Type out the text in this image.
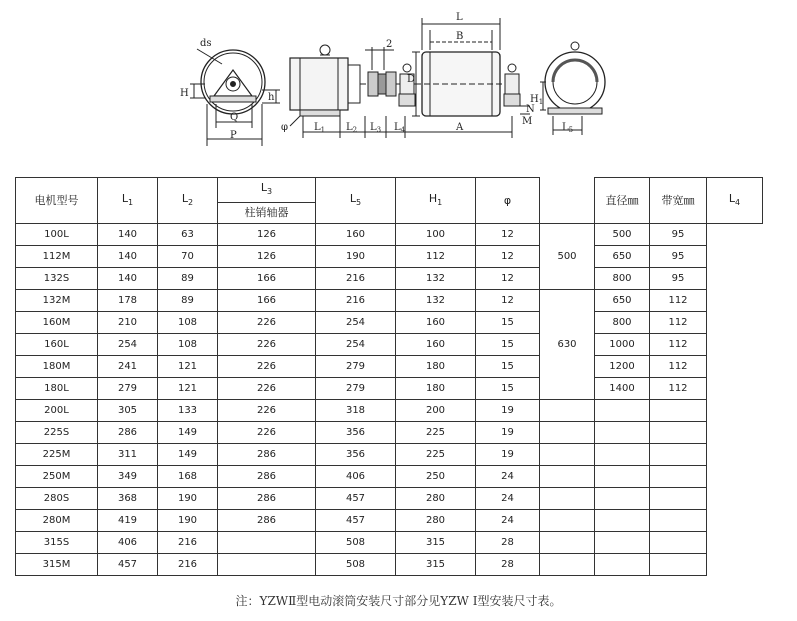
ds
H
Q
P
h
φ	$L_1$ $L_2$ $L_3$ $L_4$
2
L
B
D
A
M
N
$H_1$
$L_5$
电机型号	$L_1$	$L_2$	$L_3$	$L_5$	$H_1$	φ		直径㎜	带宽㎜	$L_4$
			柱销轴器							
100L	140	63	126	160	100	12	500	500	95	
112M	140	70	126	190	112	12		650	95	
132S	140	89	166	216	132	12		800	95	
132M	178	89	166	216	132	12	630	650	112	
160M	210	108	226	254	160	15		800	112	
160L	254	108	226	254	160	15		1000	112	
180M	241	121	226	279	180	15		1200	112	
180L	279	121	226	279	180	15		1400	112	
200L	305	133	226	318	200	19				
225S	286	149	226	356	225	19				
225M	311	149	286	356	225	19				
250M	349	168	286	406	250	24				
280S	368	190	286	457	280	24				
280M	419	190	286	457	280	24				
315S	406	216		508	315	28				
315M	457	216		508	315	28				
注：YZWⅡ型电动滚筒安装尺寸部分见YZW Ⅰ型安装尺寸表。
